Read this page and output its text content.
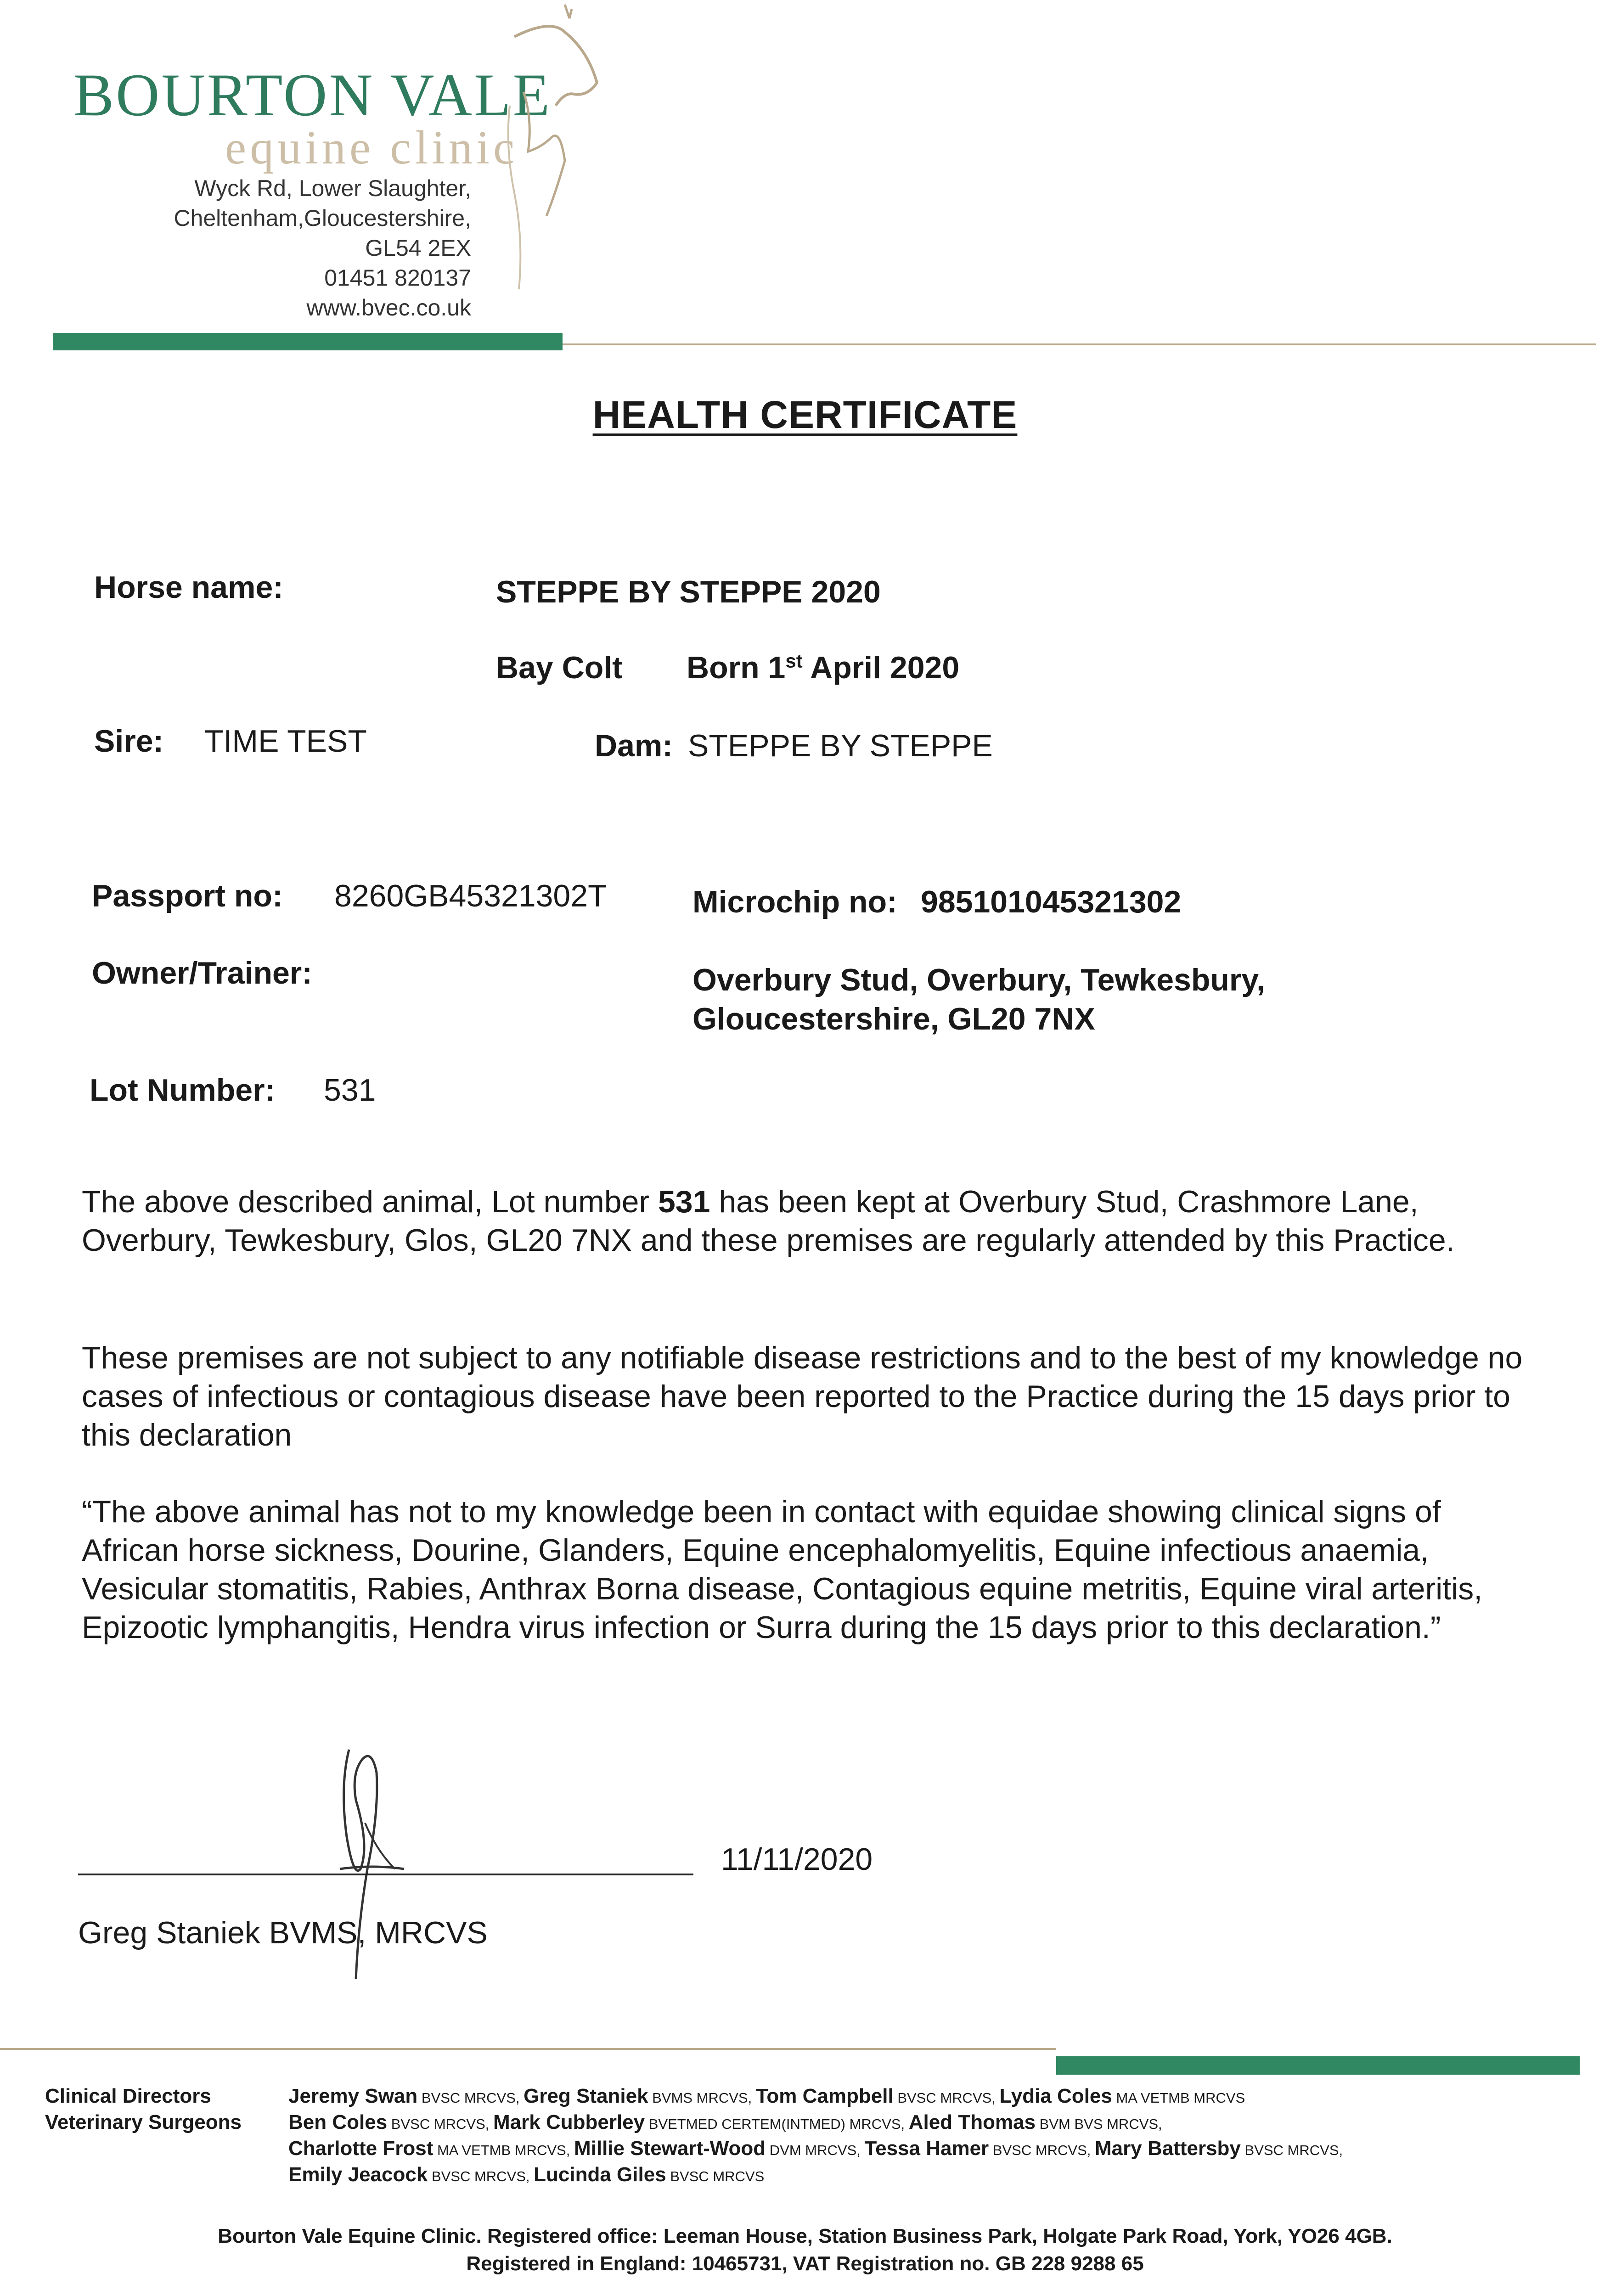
BOURTON VALE
equine clinic
Wyck Rd, Lower Slaughter,
Cheltenham,Gloucestershire,
GL54 2EX
01451 820137
www.bvec.co.uk
HEALTH CERTIFICATE
Horse name:	STEPPE BY STEPPE 2020
Bay Colt Born 1st April 2020
Sire: TIME TEST	Dam: STEPPE BY STEPPE
Passport no: 8260GB45321302T	Microchip no: 985101045321302
Owner/Trainer:	Overbury Stud, Overbury, Tewkesbury,
Gloucestershire, GL20 7NX
Lot Number: 531
The above described animal, Lot number 531 has been kept at Overbury Stud, Crashmore Lane, Overbury, Tewkesbury, Glos, GL20 7NX and these premises are regularly attended by this Practice.
These premises are not subject to any notifiable disease restrictions and to the best of my knowledge no cases of infectious or contagious disease have been reported to the Practice during the 15 days prior to this declaration
“The above animal has not to my knowledge been in contact with equidae showing clinical signs of African horse sickness, Dourine, Glanders, Equine encephalomyelitis, Equine infectious anaemia, Vesicular stomatitis, Rabies, Anthrax Borna disease, Contagious equine metritis, Equine viral arteritis, Epizootic lymphangitis, Hendra virus infection or Surra during the 15 days prior to this declaration.”
11/11/2020
Greg Staniek BVMS, MRCVS
Clinical Directors
Veterinary Surgeons
Jeremy Swan BVSC MRCVS, Greg Staniek BVMS MRCVS, Tom Campbell BVSC MRCVS, Lydia Coles MA VETMB MRCVS
Ben Coles BVSC MRCVS, Mark Cubberley BVETMED CERTEM(INTMED) MRCVS, Aled Thomas BVM BVS MRCVS,
Charlotte Frost MA VETMB MRCVS, Millie Stewart-Wood DVM MRCVS, Tessa Hamer BVSC MRCVS, Mary Battersby BVSC MRCVS,
Emily Jeacock BVSC MRCVS, Lucinda Giles BVSC MRCVS
Bourton Vale Equine Clinic. Registered office: Leeman House, Station Business Park, Holgate Park Road, York, YO26 4GB.
Registered in England: 10465731, VAT Registration no. GB 228 9288 65
